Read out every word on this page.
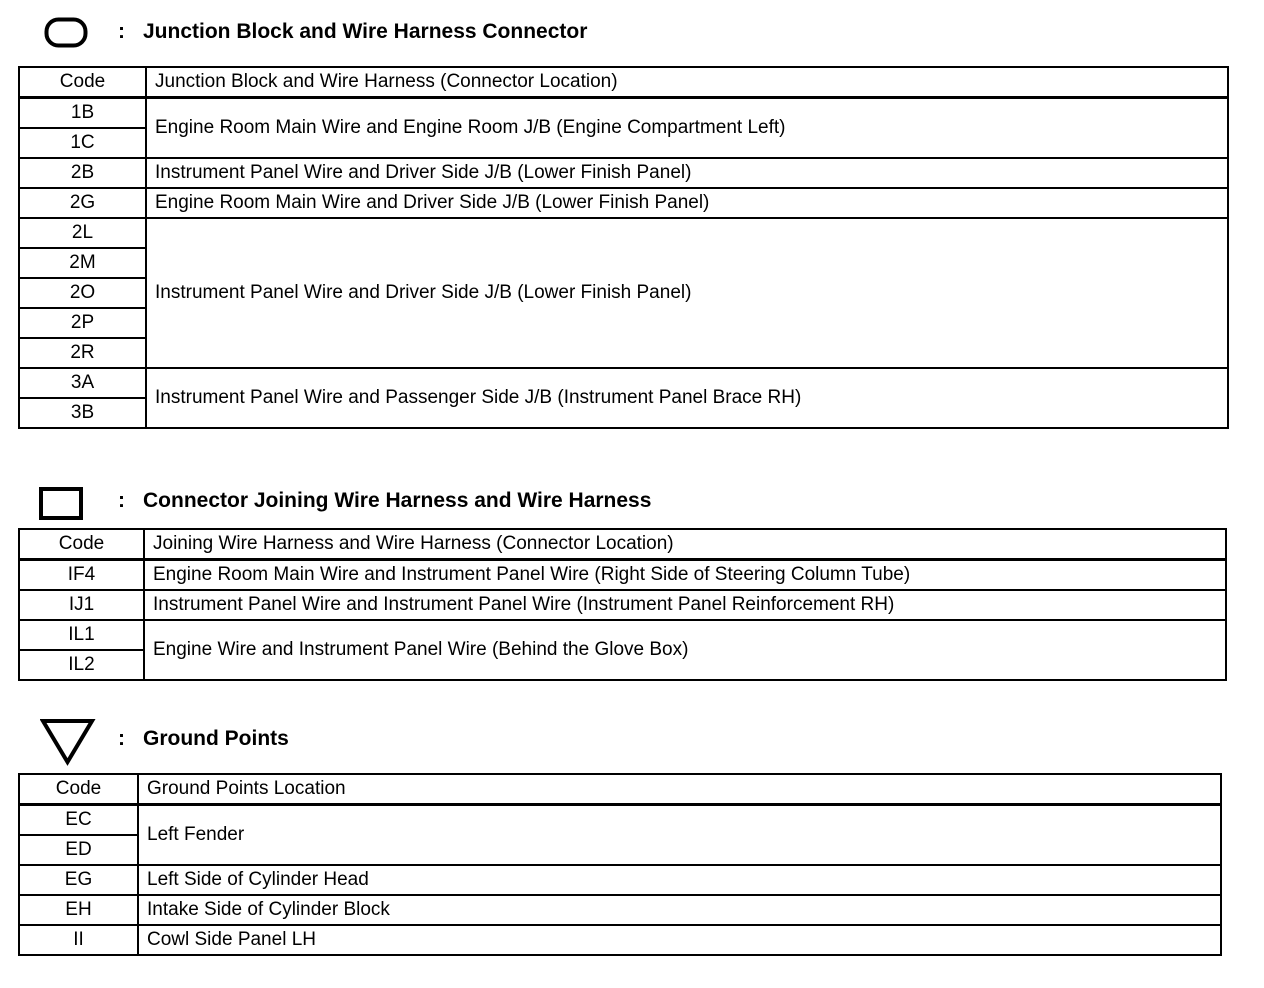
: Junction Block and Wire Harness Connector
Code	Junction Block and Wire Harness (Connector Location)
1B	Engine Room Main Wire and Engine Room J/B (Engine Compartment Left)
1C	
2B	Instrument Panel Wire and Driver Side J/B (Lower Finish Panel)
2G	Engine Room Main Wire and Driver Side J/B (Lower Finish Panel)
2L	Instrument Panel Wire and Driver Side J/B (Lower Finish Panel)
2M	
2O	
2P	
2R	
3A	Instrument Panel Wire and Passenger Side J/B (Instrument Panel Brace RH)
3B	
: Connector Joining Wire Harness and Wire Harness
Code	Joining Wire Harness and Wire Harness (Connector Location)
IF4	Engine Room Main Wire and Instrument Panel Wire (Right Side of Steering Column Tube)
IJ1	Instrument Panel Wire and Instrument Panel Wire (Instrument Panel Reinforcement RH)
IL1	Engine Wire and Instrument Panel Wire (Behind the Glove Box)
IL2	
: Ground Points
Code	Ground Points Location
EC	Left Fender
ED	
EG	Left Side of Cylinder Head
EH	Intake Side of Cylinder Block
II	Cowl Side Panel LH
